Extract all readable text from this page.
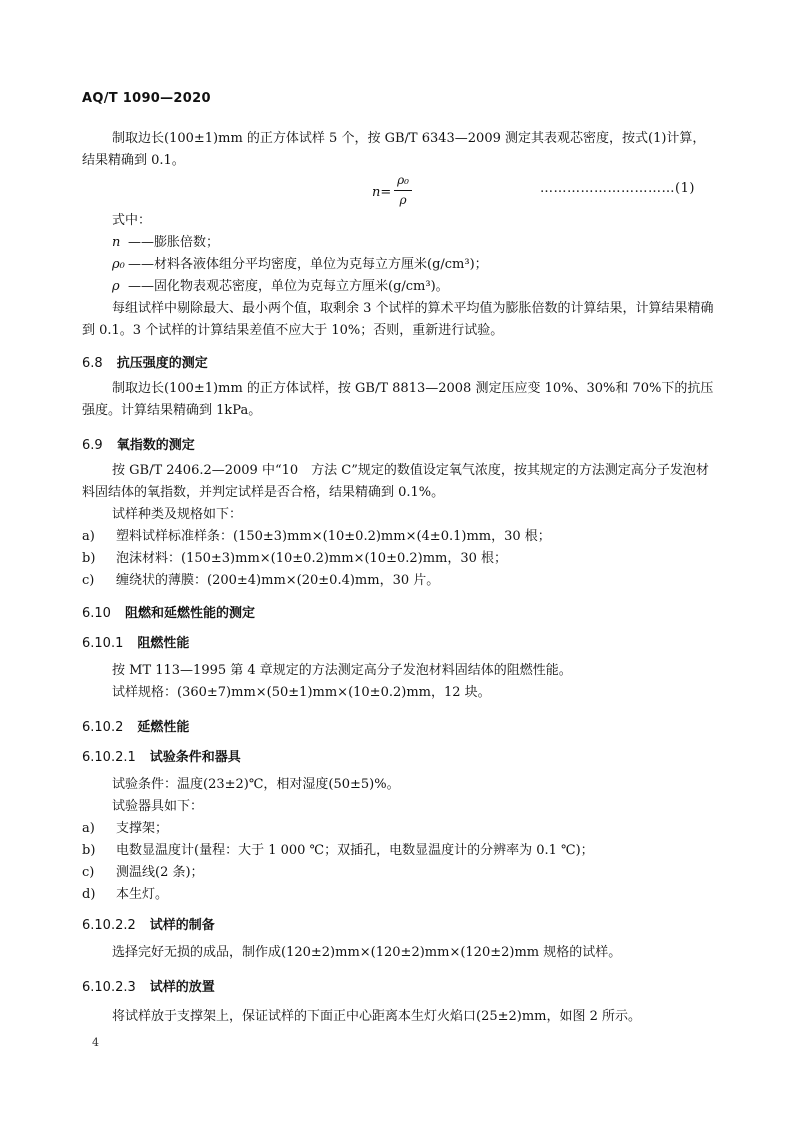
AQ/T 1090—2020
制取边长(100±1)mm 的正方体试样 5 个，按 GB/T 6343—2009 测定其表观芯密度，按式(1)计算，结果精确到 0.1。
n=
ρ₀
ρ
…………………………(1)
式中：
n ——膨胀倍数；
ρ₀ ——材料各液体组分平均密度，单位为克每立方厘米(g/cm³)；
ρ ——固化物表观芯密度，单位为克每立方厘米(g/cm³)。
每组试样中剔除最大、最小两个值，取剩余 3 个试样的算术平均值为膨胀倍数的计算结果，计算结果精确到 0.1。3 个试样的计算结果差值不应大于 10%；否则，重新进行试验。
6.8 抗压强度的测定
制取边长(100±1)mm 的正方体试样，按 GB/T 8813—2008 测定压应变 10%、30%和 70%下的抗压强度。计算结果精确到 1kPa。
6.9 氧指数的测定
按 GB/T 2406.2—2009 中“10　方法 C”规定的数值设定氧气浓度，按其规定的方法测定高分子发泡材料固结体的氧指数，并判定试样是否合格，结果精确到 0.1%。
试样种类及规格如下：
a) 塑料试样标准样条：(150±3)mm×(10±0.2)mm×(4±0.1)mm，30 根；
b) 泡沫材料：(150±3)mm×(10±0.2)mm×(10±0.2)mm，30 根；
c) 缠绕状的薄膜：(200±4)mm×(20±0.4)mm，30 片。
6.10 阻燃和延燃性能的测定
6.10.1 阻燃性能
按 MT 113—1995 第 4 章规定的方法测定高分子发泡材料固结体的阻燃性能。
试样规格：(360±7)mm×(50±1)mm×(10±0.2)mm，12 块。
6.10.2 延燃性能
6.10.2.1 试验条件和器具
试验条件：温度(23±2)℃，相对湿度(50±5)%。
试验器具如下：
a) 支撑架；
b) 电数显温度计(量程：大于 1 000 ℃；双插孔，电数显温度计的分辨率为 0.1 ℃)；
c) 测温线(2 条)；
d) 本生灯。
6.10.2.2 试样的制备
选择完好无损的成品，制作成(120±2)mm×(120±2)mm×(120±2)mm 规格的试样。
6.10.2.3 试样的放置
将试样放于支撑架上，保证试样的下面正中心距离本生灯火焰口(25±2)mm，如图 2 所示。
4
